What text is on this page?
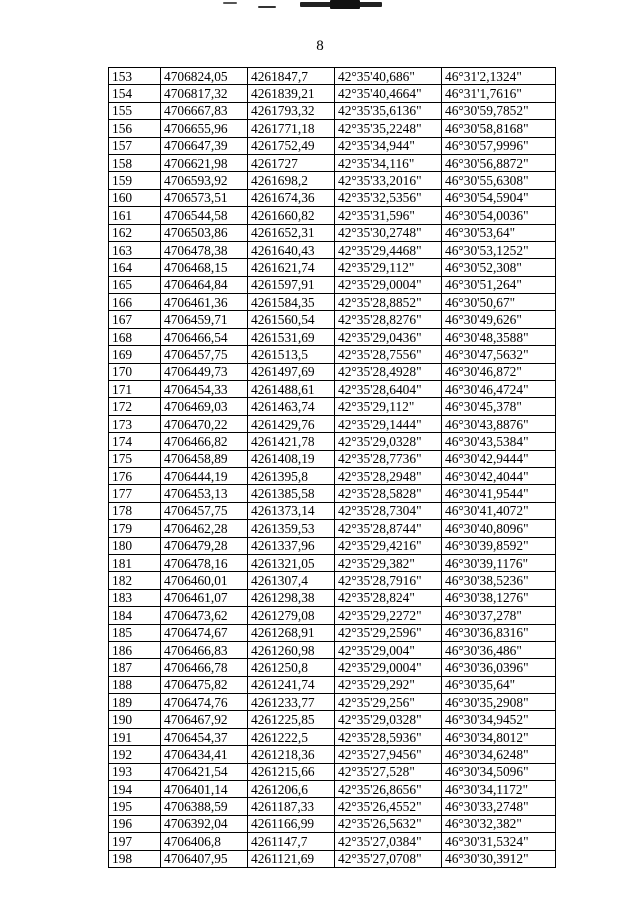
8
153	4706824,05	4261847,7	42°35'40,686"	46°31'2,1324"
154	4706817,32	4261839,21	42°35'40,4664"	46°31'1,7616"
155	4706667,83	4261793,32	42°35'35,6136"	46°30'59,7852"
156	4706655,96	4261771,18	42°35'35,2248"	46°30'58,8168"
157	4706647,39	4261752,49	42°35'34,944"	46°30'57,9996"
158	4706621,98	4261727	42°35'34,116"	46°30'56,8872"
159	4706593,92	4261698,2	42°35'33,2016"	46°30'55,6308"
160	4706573,51	4261674,36	42°35'32,5356"	46°30'54,5904"
161	4706544,58	4261660,82	42°35'31,596"	46°30'54,0036"
162	4706503,86	4261652,31	42°35'30,2748"	46°30'53,64"
163	4706478,38	4261640,43	42°35'29,4468"	46°30'53,1252"
164	4706468,15	4261621,74	42°35'29,112"	46°30'52,308"
165	4706464,84	4261597,91	42°35'29,0004"	46°30'51,264"
166	4706461,36	4261584,35	42°35'28,8852"	46°30'50,67"
167	4706459,71	4261560,54	42°35'28,8276"	46°30'49,626"
168	4706466,54	4261531,69	42°35'29,0436"	46°30'48,3588"
169	4706457,75	4261513,5	42°35'28,7556"	46°30'47,5632"
170	4706449,73	4261497,69	42°35'28,4928"	46°30'46,872"
171	4706454,33	4261488,61	42°35'28,6404"	46°30'46,4724"
172	4706469,03	4261463,74	42°35'29,112"	46°30'45,378"
173	4706470,22	4261429,76	42°35'29,1444"	46°30'43,8876"
174	4706466,82	4261421,78	42°35'29,0328"	46°30'43,5384"
175	4706458,89	4261408,19	42°35'28,7736"	46°30'42,9444"
176	4706444,19	4261395,8	42°35'28,2948"	46°30'42,4044"
177	4706453,13	4261385,58	42°35'28,5828"	46°30'41,9544"
178	4706457,75	4261373,14	42°35'28,7304"	46°30'41,4072"
179	4706462,28	4261359,53	42°35'28,8744"	46°30'40,8096"
180	4706479,28	4261337,96	42°35'29,4216"	46°30'39,8592"
181	4706478,16	4261321,05	42°35'29,382"	46°30'39,1176"
182	4706460,01	4261307,4	42°35'28,7916"	46°30'38,5236"
183	4706461,07	4261298,38	42°35'28,824"	46°30'38,1276"
184	4706473,62	4261279,08	42°35'29,2272"	46°30'37,278"
185	4706474,67	4261268,91	42°35'29,2596"	46°30'36,8316"
186	4706466,83	4261260,98	42°35'29,004"	46°30'36,486"
187	4706466,78	4261250,8	42°35'29,0004"	46°30'36,0396"
188	4706475,82	4261241,74	42°35'29,292"	46°30'35,64"
189	4706474,76	4261233,77	42°35'29,256"	46°30'35,2908"
190	4706467,92	4261225,85	42°35'29,0328"	46°30'34,9452"
191	4706454,37	4261222,5	42°35'28,5936"	46°30'34,8012"
192	4706434,41	4261218,36	42°35'27,9456"	46°30'34,6248"
193	4706421,54	4261215,66	42°35'27,528"	46°30'34,5096"
194	4706401,14	4261206,6	42°35'26,8656"	46°30'34,1172"
195	4706388,59	4261187,33	42°35'26,4552"	46°30'33,2748"
196	4706392,04	4261166,99	42°35'26,5632"	46°30'32,382"
197	4706406,8	4261147,7	42°35'27,0384"	46°30'31,5324"
198	4706407,95	4261121,69	42°35'27,0708"	46°30'30,3912"
